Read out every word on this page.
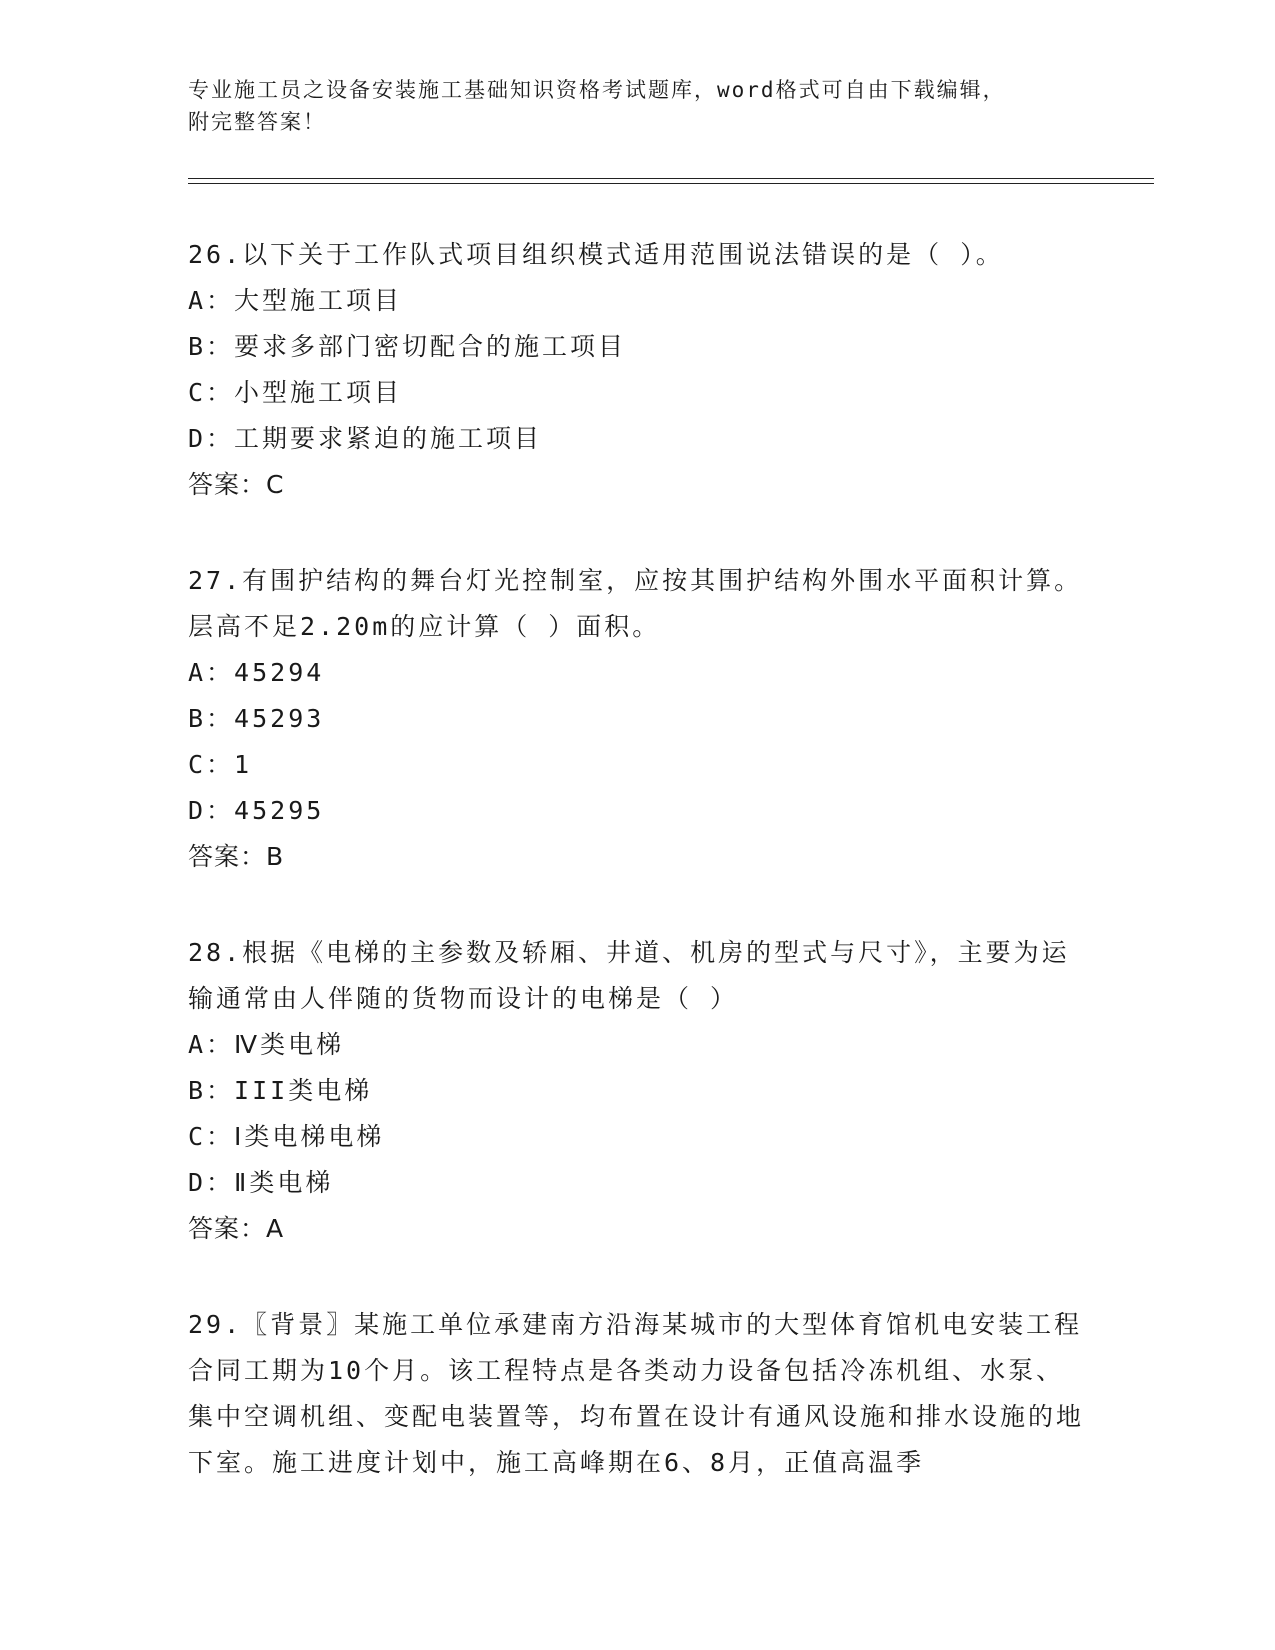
专业施工员之设备安装施工基础知识资格考试题库，word格式可自由下载编辑，
附完整答案！

26.以下关于工作队式项目组织模式适用范围说法错误的是（ ）。

A：大型施工项目

B：要求多部门密切配合的施工项目

C：小型施工项目

D：工期要求紧迫的施工项目

答案：C

27.有围护结构的舞台灯光控制室，应按其围护结构外围水平面积计算。层高不足2.20m的应计算（ ）面积。

A：45294

B：45293

C：1

D：45295

答案：B

28.根据《电梯的主参数及轿厢、井道、机房的型式与尺寸》，主要为运输通常由人伴随的货物而设计的电梯是（ ）

A：Ⅳ类电梯

B：III类电梯

C：Ⅰ类电梯电梯

D：Ⅱ类电梯

答案：A

29.〖背景〗某施工单位承建南方沿海某城市的大型体育馆机电安装工程合同工期为10个月。该工程特点是各类动力设备包括冷冻机组、水泵、集中空调机组、变配电装置等，均布置在设计有通风设施和排水设施的地下室。施工进度计划中，施工高峰期在6、8月，正值高温季
